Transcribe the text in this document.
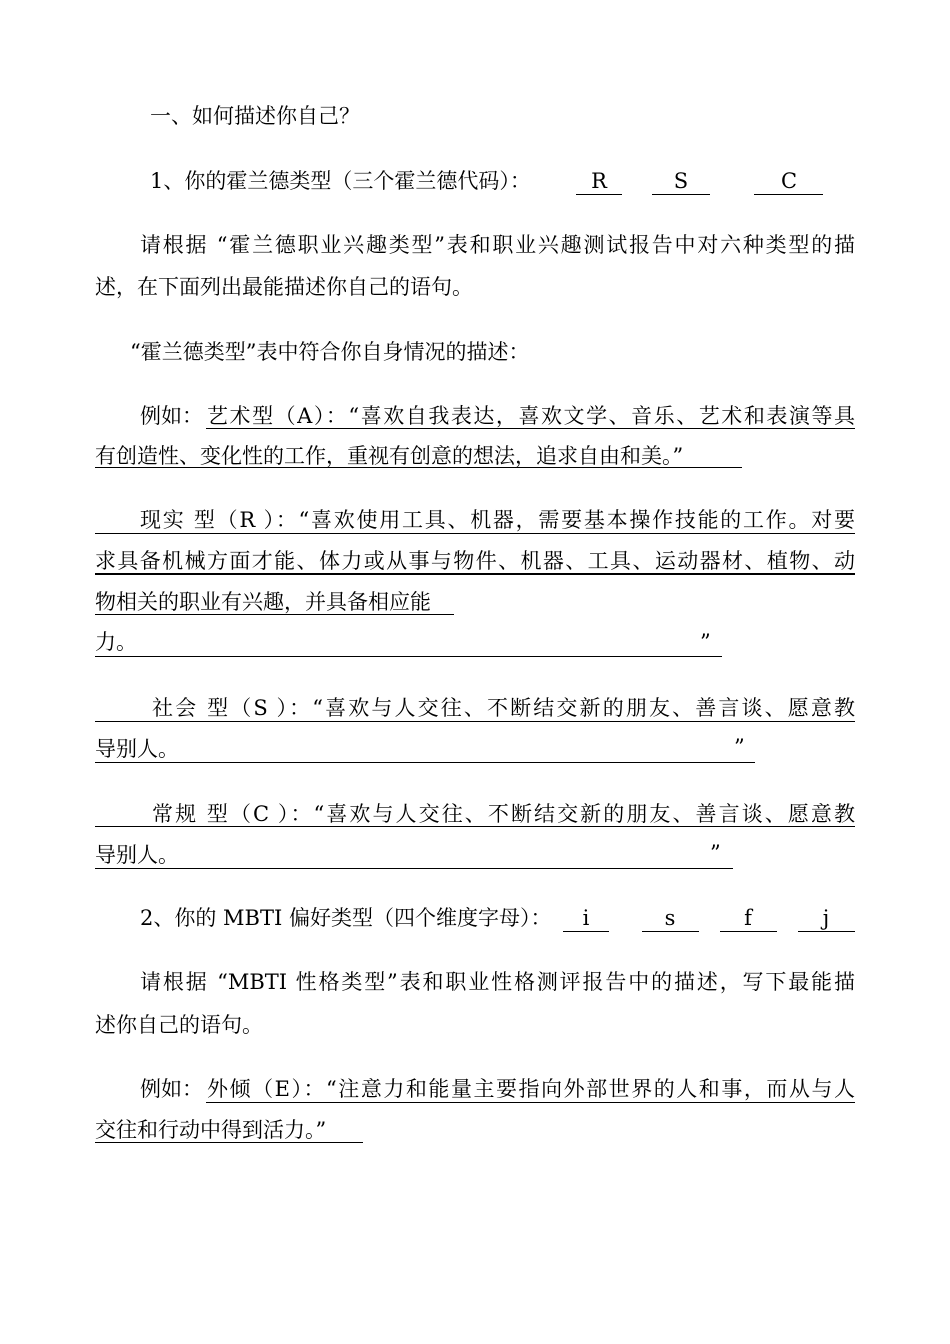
一、如何描述你自己？
1、你的霍兰德类型（三个霍兰德代码）：	R	S	C
请根据 “霍兰德职业兴趣类型”表和职业兴趣测试报告中对六种类型的描
述，在下面列出最能描述你自己的语句。
“霍兰德类型”表中符合你自身情况的描述：
例如： 艺术型（A）：“喜欢自我表达，喜欢文学、音乐、艺术和表演等具
有创造性、变化性的工作，重视有创意的想法，追求自由和美。”
现实 型（R ）：“喜欢使用工具、机器，需要基本操作技能的工作。对要
求具备机械方面才能、体力或从事与物件、机器、工具、运动器材、植物、动
物相关的职业有兴趣，并具备相应能
力。	”
社会 型（S ）：“喜欢与人交往、不断结交新的朋友、善言谈、愿意教
导别人。	”
常规 型（C ）：“喜欢与人交往、不断结交新的朋友、善言谈、愿意教
导别人。	”
2、你的 MBTI 偏好类型（四个维度字母）：	i	s	f	j
请根据 “MBTI 性格类型”表和职业性格测评报告中的描述，写下最能描
述你自己的语句。
例如： 外倾（E）：“注意力和能量主要指向外部世界的人和事，而从与人
交往和行动中得到活力。”
